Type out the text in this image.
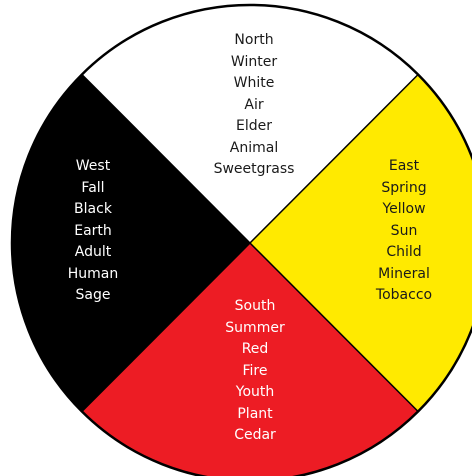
North
Winter
White
Air
Elder
Animal
Sweetgrass	East
Spring
Yellow
Sun
Child
Mineral
Tobacco
South
Summer
Red
Fire
Youth
Plant
Cedar
West
Fall
Black
Earth
Adult
Human
Sage
